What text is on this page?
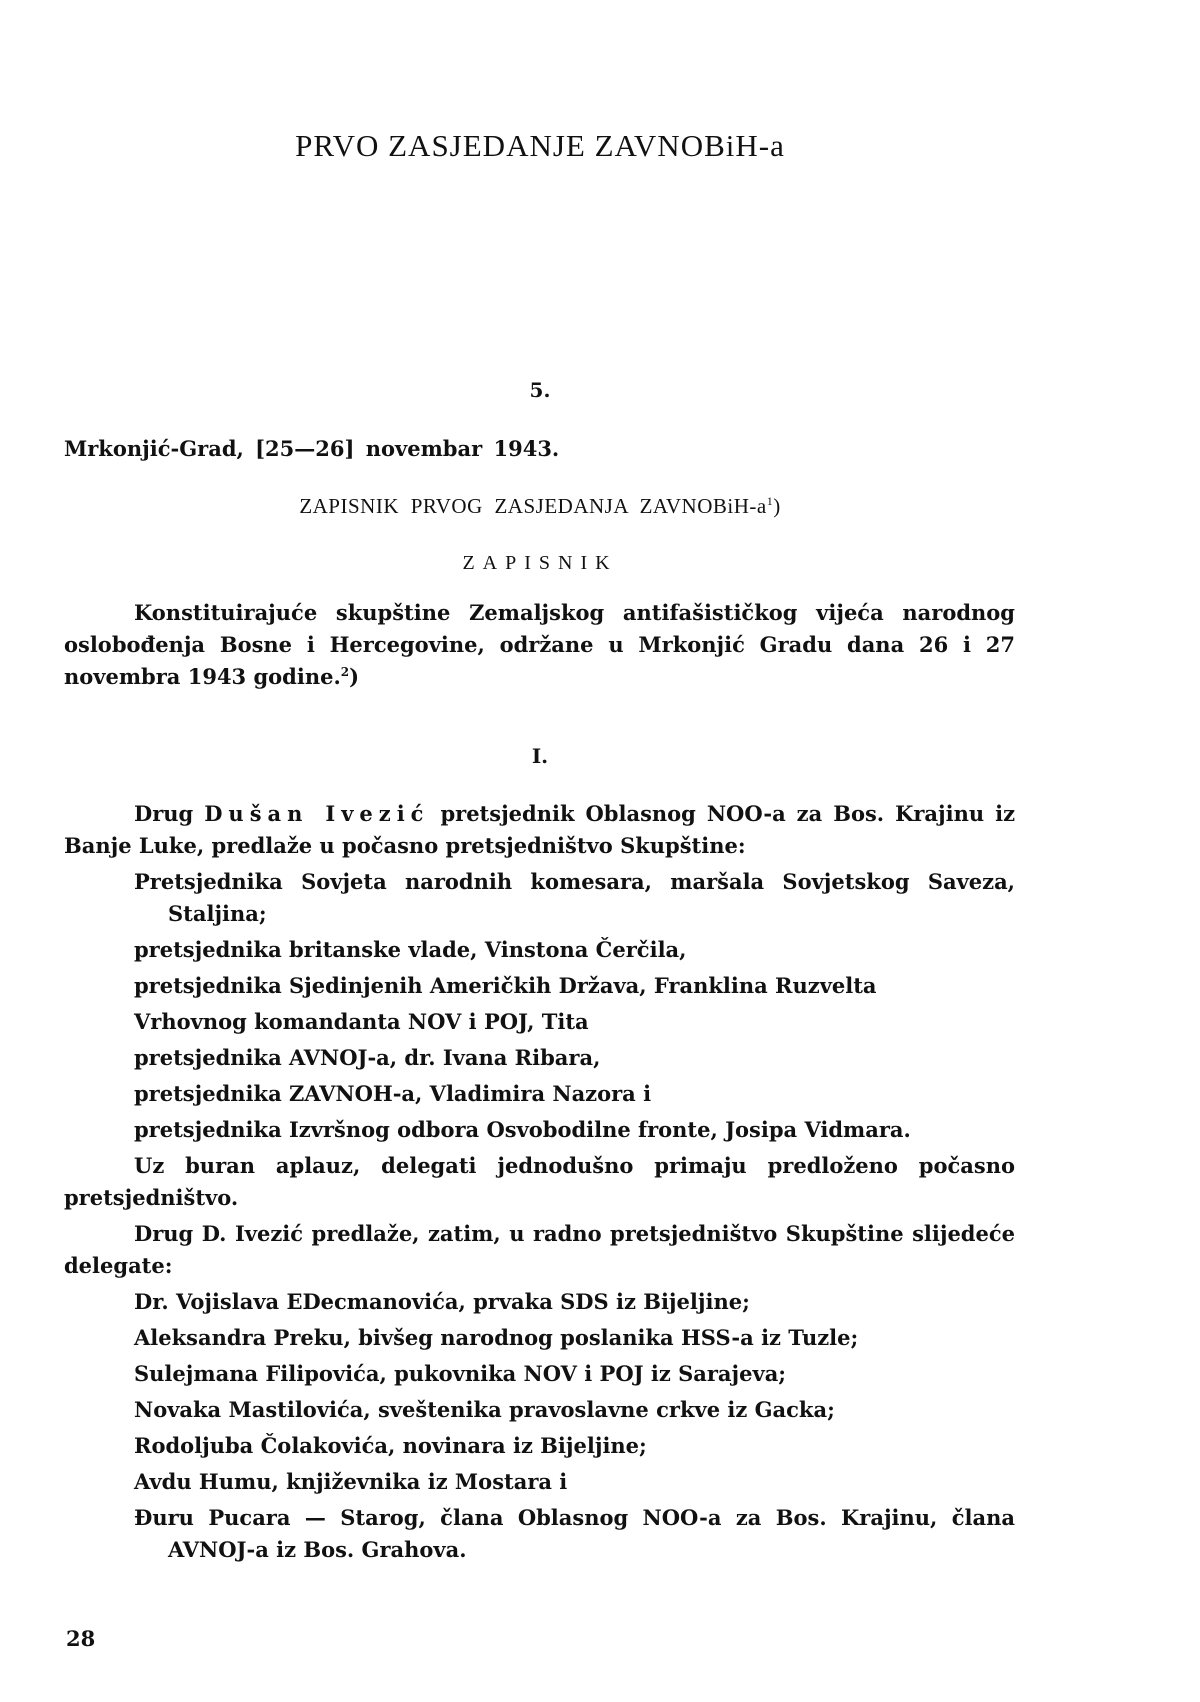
PRVO ZASJEDANJE ZAVNOBiH-a

5.

Mrkonjić-Grad, [25—26] novembar 1943.

ZAPISNIK PRVOG ZASJEDANJA ZAVNOBiH-$a^1$)

ZAPISNIK

Konstituirajuće skupštine Zemaljskog antifašističkog vijeća narodnog oslobođenja Bosne i Hercegovine, održane u Mrkonjić Gradu dana 26 i 27 novembra 1943 godine.$^2$)

I.

Drug Dušan Ivezić pretsjednik Oblasnog NOO-a za Bos. Krajinu iz Banje Luke, predlaže u počasno pretsjedništvo Skupštine:

Pretsjednika Sovjeta narodnih komesara, maršala Sovjetskog Saveza, Staljina;
pretsjednika britanske vlade, Vinstona Čerčila,
pretsjednika Sjedinjenih Američkih Država, Franklina Ruzvelta
Vrhovnog komandanta NOV i POJ, Tita
pretsjednika AVNOJ-a, dr. Ivana Ribara,
pretsjednika ZAVNOH-a, Vladimira Nazora i
pretsjednika Izvršnog odbora Osvobodilne fronte, Josipa Vidmara.

Uz buran aplauz, delegati jednodušno primaju predloženo počasno pretsjedništvo.

Drug D. Ivezić predlaže, zatim, u radno pretsjedništvo Skupštine slijedeće delegate:

Dr. Vojislava EDecmanovića, prvaka SDS iz Bijeljine;
Aleksandra Preku, bivšeg narodnog poslanika HSS-a iz Tuzle;
Sulejmana Filipovića, pukovnika NOV i POJ iz Sarajeva;
Novaka Mastilovića, sveštenika pravoslavne crkve iz Gacka;
Rodoljuba Čolakovića, novinara iz Bijeljine;
Avdu Humu, književnika iz Mostara i
Đuru Pucara — Starog, člana Oblasnog NOO-a za Bos. Krajinu, člana AVNOJ-a iz Bos. Grahova.

28
